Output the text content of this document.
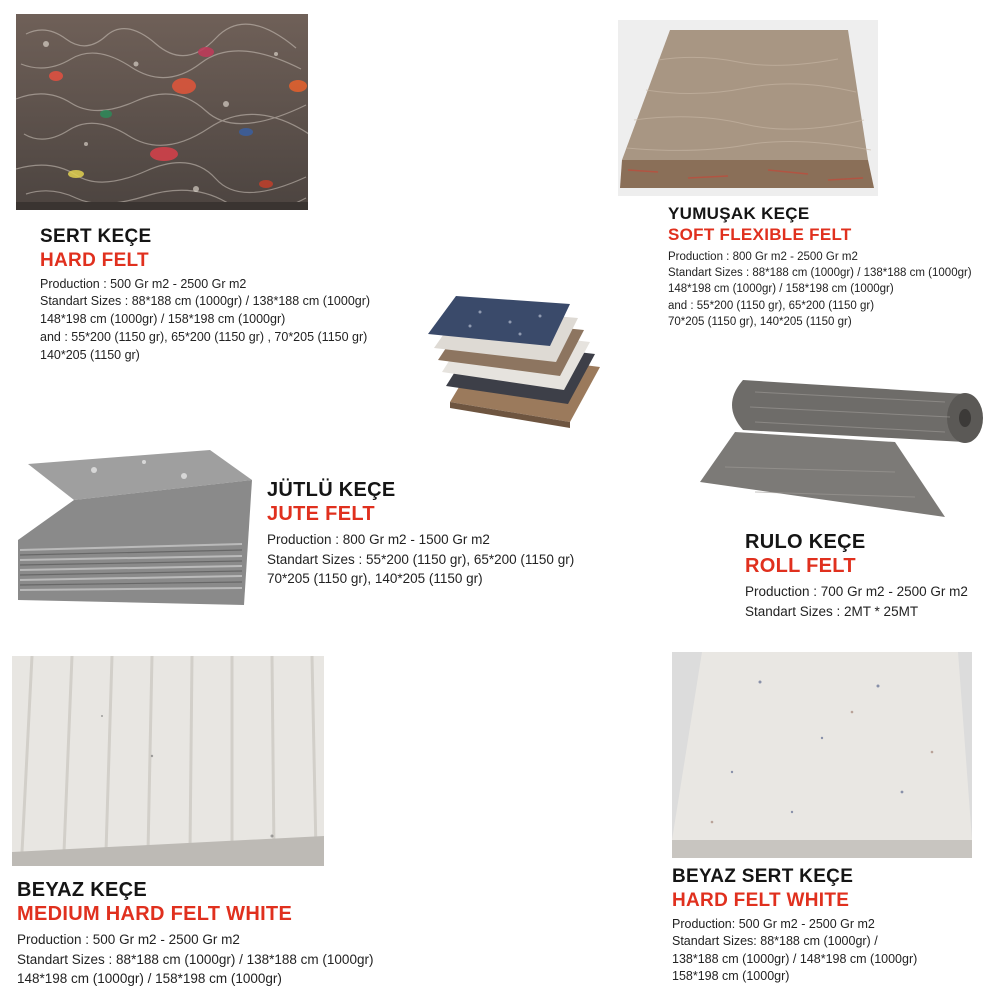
SERT KEÇE
HARD FELT
Production : 500 Gr m2 - 2500 Gr m2
Standart Sizes : 88*188 cm (1000gr) / 138*188 cm (1000gr)
148*198 cm (1000gr) / 158*198 cm (1000gr)
and : 55*200 (1150 gr), 65*200 (1150 gr) , 70*205 (1150 gr)
140*205 (1150 gr)
YUMUŞAK KEÇE
SOFT FLEXIBLE FELT
Production : 800 Gr m2 - 2500 Gr m2
Standart Sizes : 88*188 cm (1000gr) / 138*188 cm (1000gr)
148*198 cm (1000gr) / 158*198 cm (1000gr)
and : 55*200 (1150 gr), 65*200 (1150 gr)
70*205 (1150 gr), 140*205 (1150 gr)
JÜTLÜ KEÇE
JUTE FELT
Production : 800 Gr m2 - 1500 Gr m2
Standart Sizes : 55*200 (1150 gr), 65*200 (1150 gr)
70*205 (1150 gr), 140*205 (1150 gr)
RULO KEÇE
ROLL FELT
Production : 700 Gr m2 - 2500 Gr m2
Standart Sizes : 2MT * 25MT
BEYAZ KEÇE
MEDIUM HARD FELT WHITE
Production : 500 Gr m2 - 2500 Gr m2
Standart Sizes : 88*188 cm (1000gr) / 138*188 cm (1000gr)
148*198 cm (1000gr) / 158*198 cm (1000gr)
BEYAZ SERT KEÇE
HARD FELT WHITE
Production: 500 Gr m2 - 2500 Gr m2
Standart Sizes: 88*188 cm (1000gr) /
138*188 cm (1000gr) / 148*198 cm (1000gr)
158*198 cm (1000gr)
